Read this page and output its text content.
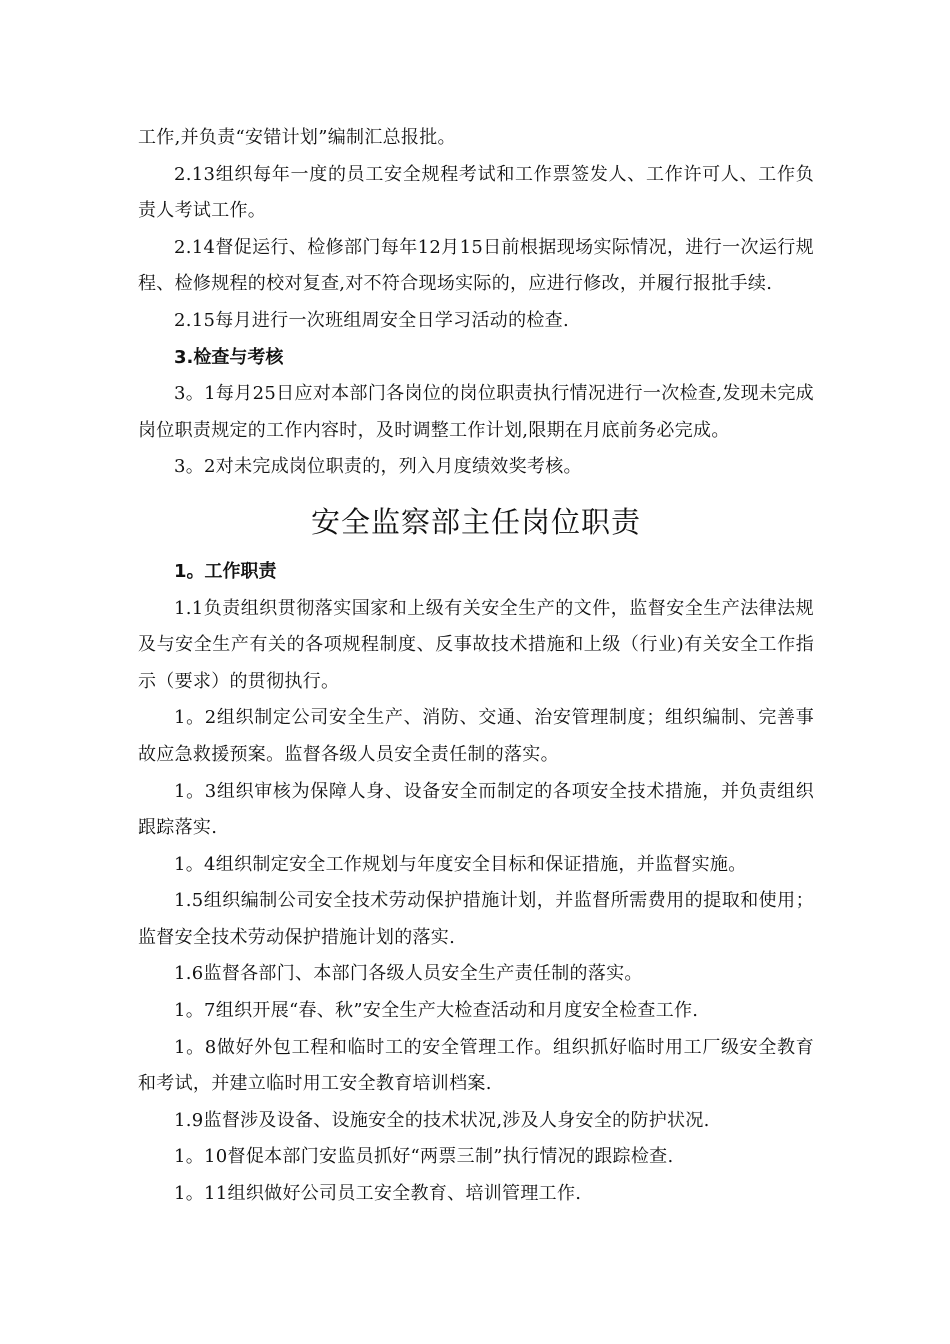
工作,并负责“安错计划”编制汇总报批。

2.13组织每年一度的员工安全规程考试和工作票签发人、工作许可人、工作负责人考试工作。

2.14督促运行、检修部门每年12月15日前根据现场实际情况，进行一次运行规程、检修规程的校对复查,对不符合现场实际的，应进行修改，并履行报批手续.

2.15每月进行一次班组周安全日学习活动的检查.

3.检查与考核

3。1每月25日应对本部门各岗位的岗位职责执行情况进行一次检查,发现未完成岗位职责规定的工作内容时，及时调整工作计划,限期在月底前务必完成。

3。2对未完成岗位职责的，列入月度绩效奖考核。

安全监察部主任岗位职责

1。工作职责

1.1负责组织贯彻落实国家和上级有关安全生产的文件，监督安全生产法律法规及与安全生产有关的各项规程制度、反事故技术措施和上级（行业)有关安全工作指示（要求）的贯彻执行。

1。2组织制定公司安全生产、消防、交通、治安管理制度；组织编制、完善事故应急救援预案。监督各级人员安全责任制的落实。

1。3组织审核为保障人身、设备安全而制定的各项安全技术措施，并负责组织跟踪落实.

1。4组织制定安全工作规划与年度安全目标和保证措施，并监督实施。

1.5组织编制公司安全技术劳动保护措施计划，并监督所需费用的提取和使用；监督安全技术劳动保护措施计划的落实.

1.6监督各部门、本部门各级人员安全生产责任制的落实。

1。7组织开展“春、秋”安全生产大检查活动和月度安全检查工作.

1。8做好外包工程和临时工的安全管理工作。组织抓好临时用工厂级安全教育和考试，并建立临时用工安全教育培训档案.

1.9监督涉及设备、设施安全的技术状况,涉及人身安全的防护状况.

1。10督促本部门安监员抓好“两票三制”执行情况的跟踪检查.

1。11组织做好公司员工安全教育、培训管理工作.
